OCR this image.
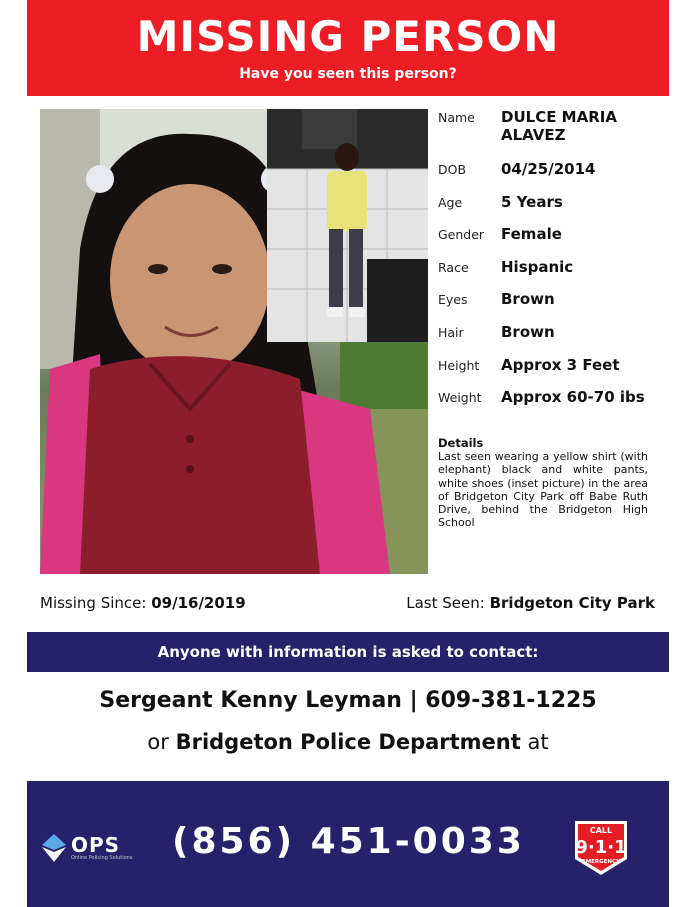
MISSING PERSON
Have you seen this person?
Name DULCE MARIA ALAVEZ
DOB 04/25/2014
Age	5 Years
Gender Female
Race Hispanic
Eyes Brown
Hair Brown
Height Approx 3 Feet
Weight Approx 60-70 ibs
Details
Last seen wearing a yellow shirt (with elephant) black and white pants, white shoes (inset picture) in the area of Bridgeton City Park off Babe Ruth Drive, behind the Bridgeton High School
Missing Since: 09/16/2019	Last Seen: Bridgeton City Park
Anyone with information is asked to contact:
Sergeant Kenny Leyman | 609-381-1225
or Bridgeton Police Department at
OPS
Online Policing Solutions (856) 451-0033	CALL
9·1·1
EMERGENCY
